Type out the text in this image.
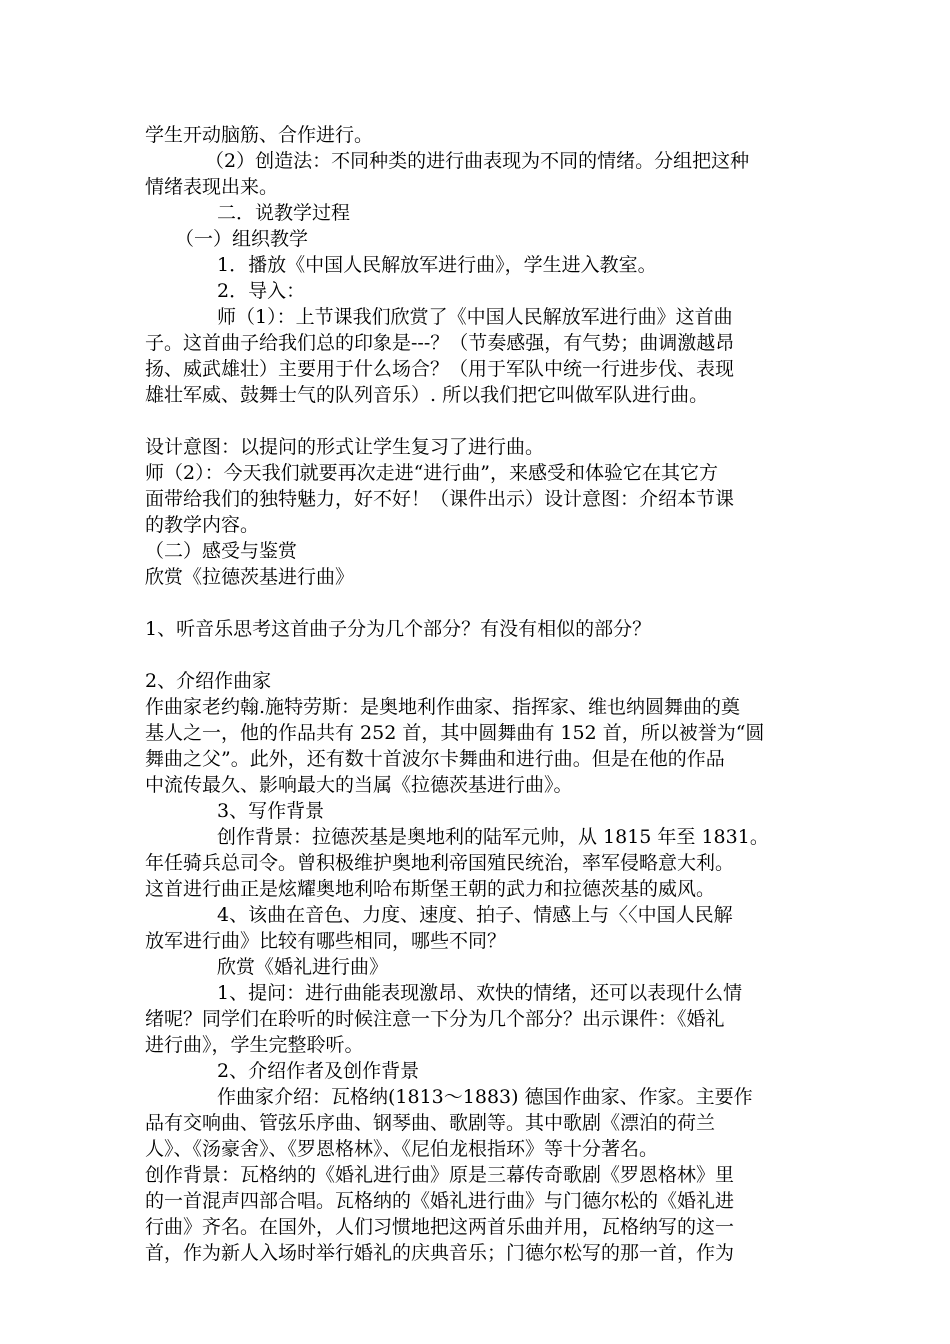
学生开动脑筋、合作进行。
（2）创造法：不同种类的进行曲表现为不同的情绪。分组把这种
情绪表现出来。
二．说教学过程
（一）组织教学
1．播放《中国人民解放军进行曲》，学生进入教室。
2．导入：
师（1）：上节课我们欣赏了《中国人民解放军进行曲》这首曲
子。这首曲子给我们总的印象是---？（节奏感强，有气势；曲调激越昂
扬、威武雄壮）主要用于什么场合？（用于军队中统一行进步伐、表现
雄壮军威、鼓舞士气的队列音乐）. 所以我们把它叫做军队进行曲。
设计意图：以提问的形式让学生复习了进行曲。
师（2）：今天我们就要再次走进“进行曲”，来感受和体验它在其它方
面带给我们的独特魅力，好不好！（课件出示）设计意图：介绍本节课
的教学内容。
（二）感受与鉴赏
欣赏《拉德茨基进行曲》
1、听音乐思考这首曲子分为几个部分？有没有相似的部分？
2、介绍作曲家
作曲家老约翰.施特劳斯：是奥地利作曲家、指挥家、维也纳圆舞曲的奠
基人之一，他的作品共有 252 首，其中圆舞曲有 152 首，所以被誉为“圆
舞曲之父”。此外，还有数十首波尔卡舞曲和进行曲。但是在他的作品
中流传最久、影响最大的当属《拉德茨基进行曲》。
3、写作背景
创作背景：拉德茨基是奥地利的陆军元帅，从 1815 年至 1831。
年任骑兵总司令。曾积极维护奥地利帝国殖民统治，率军侵略意大利。
这首进行曲正是炫耀奥地利哈布斯堡王朝的武力和拉德茨基的威风。
4、该曲在音色、力度、速度、拍子、情感上与〈〈中国人民解
放军进行曲》比较有哪些相同，哪些不同？
欣赏《婚礼进行曲》
1、提问：进行曲能表现激昂、欢快的情绪，还可以表现什么情
绪呢？同学们在聆听的时候注意一下分为几个部分？出示课件：《婚礼
进行曲》，学生完整聆听。
2、介绍作者及创作背景
作曲家介绍：瓦格纳(1813～1883) 德国作曲家、作家。主要作
品有交响曲、管弦乐序曲、钢琴曲、歌剧等。其中歌剧《漂泊的荷兰
人》、《汤豪舍》、《罗恩格林》、《尼伯龙根指环》等十分著名。
创作背景：瓦格纳的《婚礼进行曲》原是三幕传奇歌剧《罗恩格林》里
的一首混声四部合唱。瓦格纳的《婚礼进行曲》与门德尔松的《婚礼进
行曲》齐名。在国外，人们习惯地把这两首乐曲并用，瓦格纳写的这一
首，作为新人入场时举行婚礼的庆典音乐；门德尔松写的那一首，作为
